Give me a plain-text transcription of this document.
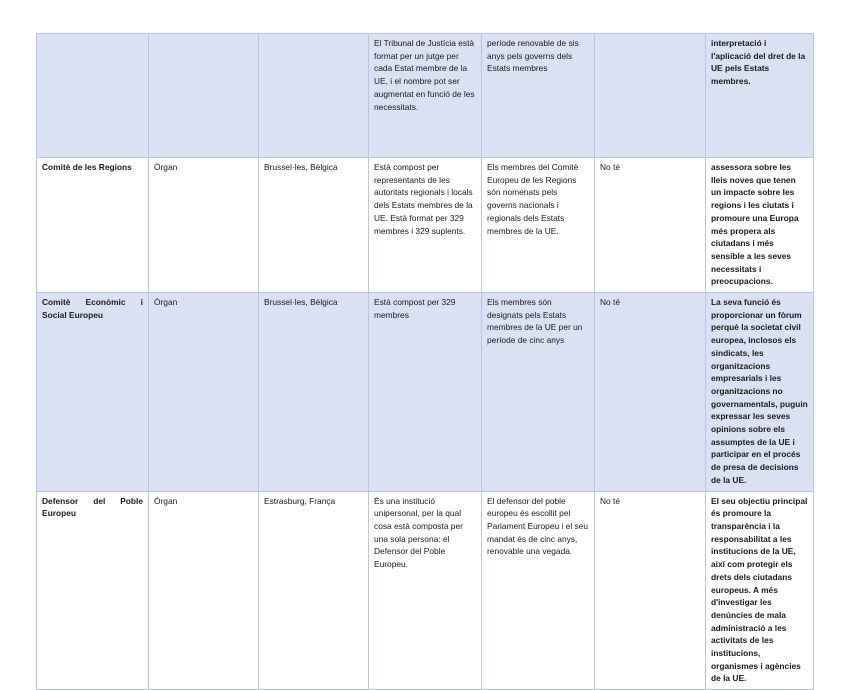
			El Tribunal de Justícia està format per un jutge per cada Estat membre de la UE, i el nombre pot ser augmentat en funció de les necessitats.	període renovable de sis anys pels governs dels Estats membres		interpretació i l'aplicació del dret de la UE pels Estats membres.
Comitè de les Regions	Òrgan	Brussel·les, Bèlgica	Està compost per representants de les autoritats regionals i locals dels Estats membres de la UE. Està format per 329 membres i 329 suplents.	Els membres del Comitè Europeu de les Regions són nomenats pels governs nacionals i regionals dels Estats membres de la UE.	No té	assessora sobre les lleis noves que tenen un impacte sobre les regions i les ciutats i promoure una Europa més propera als ciutadans i més sensible a les seves necessitats i preocupacions.

Comitè Econòmic i Social Europeu	Òrgan	Brussel·les, Bèlgica	Està compost per 329 membres	Els membres són designats pels Estats membres de la UE per un període de cinc anys	No té	La seva funció és proporcionar un fòrum perquè la societat civil europea, inclosos els sindicats, les organitzacions empresarials i les organitzacions no governamentals, puguin expressar les seves opinions sobre els assumptes de la UE i participar en el procés de presa de decisions de la UE.

Defensor del Poble Europeu	Òrgan	Estrasburg, França	És una institució unipersonal, per la qual cosa està composta per una sola persona: el Defensor del Poble Europeu.	El defensor del poble europeu és escollit pel Parlament Europeu i el seu mandat és de cinc anys, renovable una vegada.	No té	El seu objectiu principal és promoure la transparència i la responsabilitat a les institucions de la UE, així com protegir els drets dels ciutadans europeus. A més d'investigar les denúncies de mala administració a les activitats de les institucions, organismes i agències de la UE.
